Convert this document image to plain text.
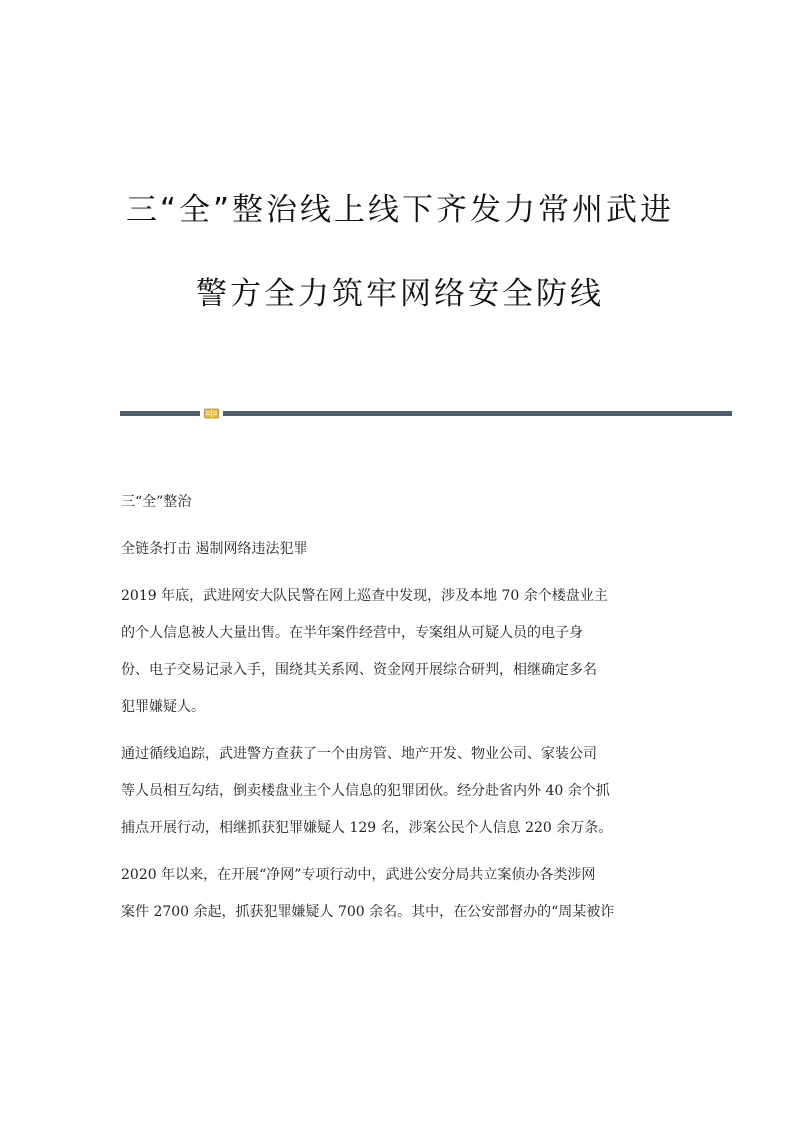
三“全”整治线上线下齐发力常州武进
警方全力筑牢网络安全防线
三“全”整治
全链条打击 遏制网络违法犯罪
2019 年底，武进网安大队民警在网上巡查中发现，涉及本地 70 余个楼盘业主
的个人信息被人大量出售。在半年案件经营中，专案组从可疑人员的电子身
份、电子交易记录入手，围绕其关系网、资金网开展综合研判，相继确定多名
犯罪嫌疑人。
通过循线追踪，武进警方查获了一个由房管、地产开发、物业公司、家装公司
等人员相互勾结，倒卖楼盘业主个人信息的犯罪团伙。经分赴省内外 40 余个抓
捕点开展行动，相继抓获犯罪嫌疑人 129 名，涉案公民个人信息 220 余万条。
2020 年以来，在开展“净网”专项行动中，武进公安分局共立案侦办各类涉网
案件 2700 余起，抓获犯罪嫌疑人 700 余名。其中，在公安部督办的“周某被诈
